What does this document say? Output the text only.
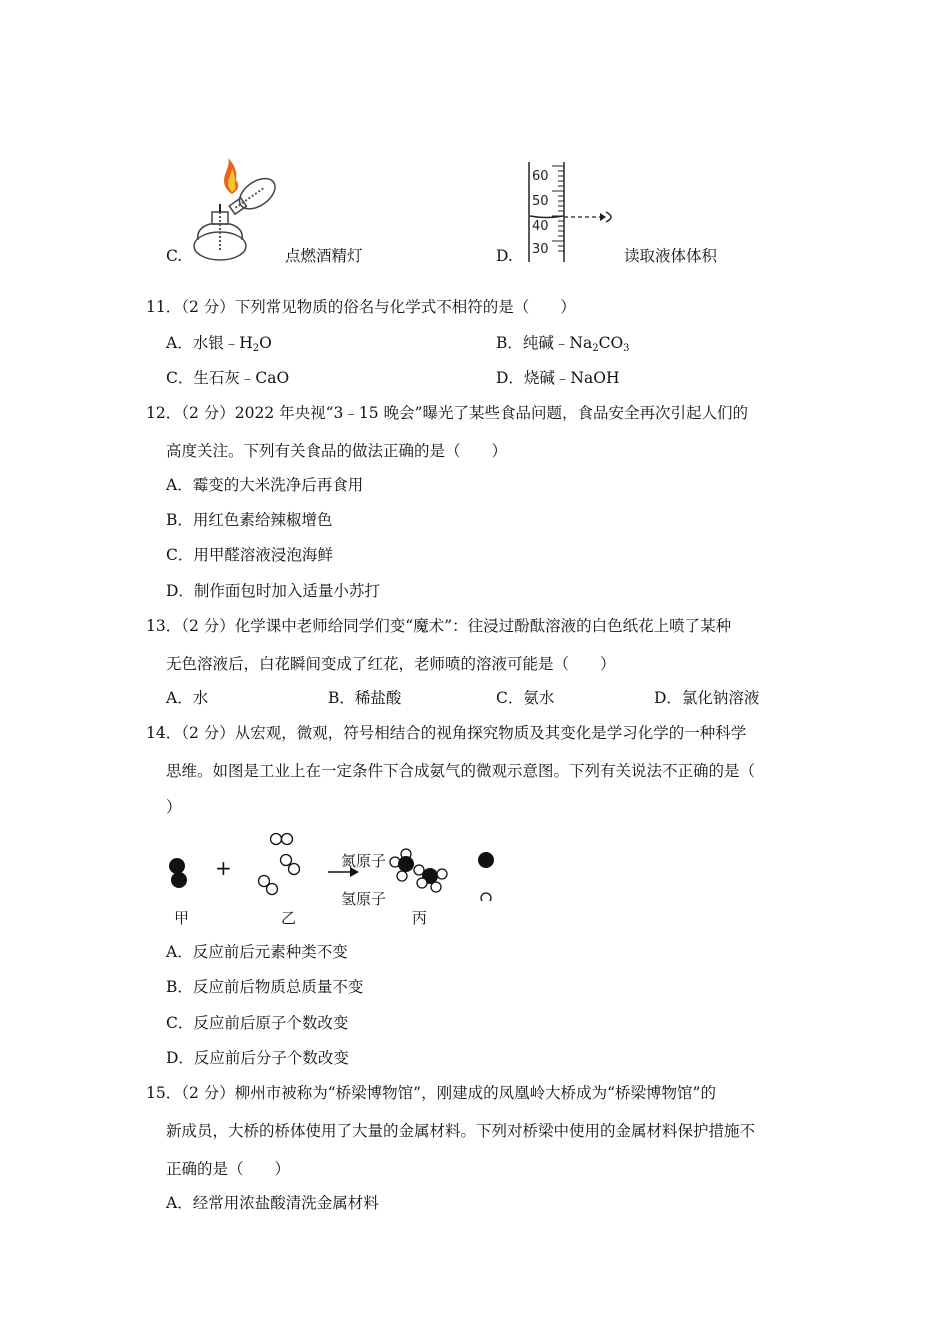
C.	点燃酒精灯	D.
60
50
40
30	读取液体体积
11．（2 分）下列常见物质的俗名与化学式不相符的是（　　）
A．水银$﹣H_2O$	B．纯碱$﹣Na_2CO_3$
C．生石灰﹣CaO	D．烧碱﹣NaOH
12．（2 分）2022 年央视“3﹣15 晚会”曝光了某些食品问题，食品安全再次引起人们的
高度关注。下列有关食品的做法正确的是（　　）
A．霉变的大米洗净后再食用
B．用红色素给辣椒增色
C．用甲醛溶液浸泡海鲜
D．制作面包时加入适量小苏打
13．（2 分）化学课中老师给同学们变“魔术”：往浸过酚酞溶液的白色纸花上喷了某种
无色溶液后，白花瞬间变成了红花，老师喷的溶液可能是（　　）
A．水	B．稀盐酸	C．氨水	D．氯化钠溶液
14．（2 分）从宏观，微观，符号相结合的视角探究物质及其变化是学习化学的一种科学
思维。如图是工业上在一定条件下合成氨气的微观示意图。下列有关说法不正确的是（
）
+	氮原子
氢原子
甲	乙	丙
A．反应前后元素种类不变
B．反应前后物质总质量不变
C．反应前后原子个数改变
D．反应前后分子个数改变
15．（2 分）柳州市被称为“桥梁博物馆”，刚建成的凤凰岭大桥成为“桥梁博物馆”的
新成员，大桥的桥体使用了大量的金属材料。下列对桥梁中使用的金属材料保护措施不
正确的是（　　）
A．经常用浓盐酸清洗金属材料
